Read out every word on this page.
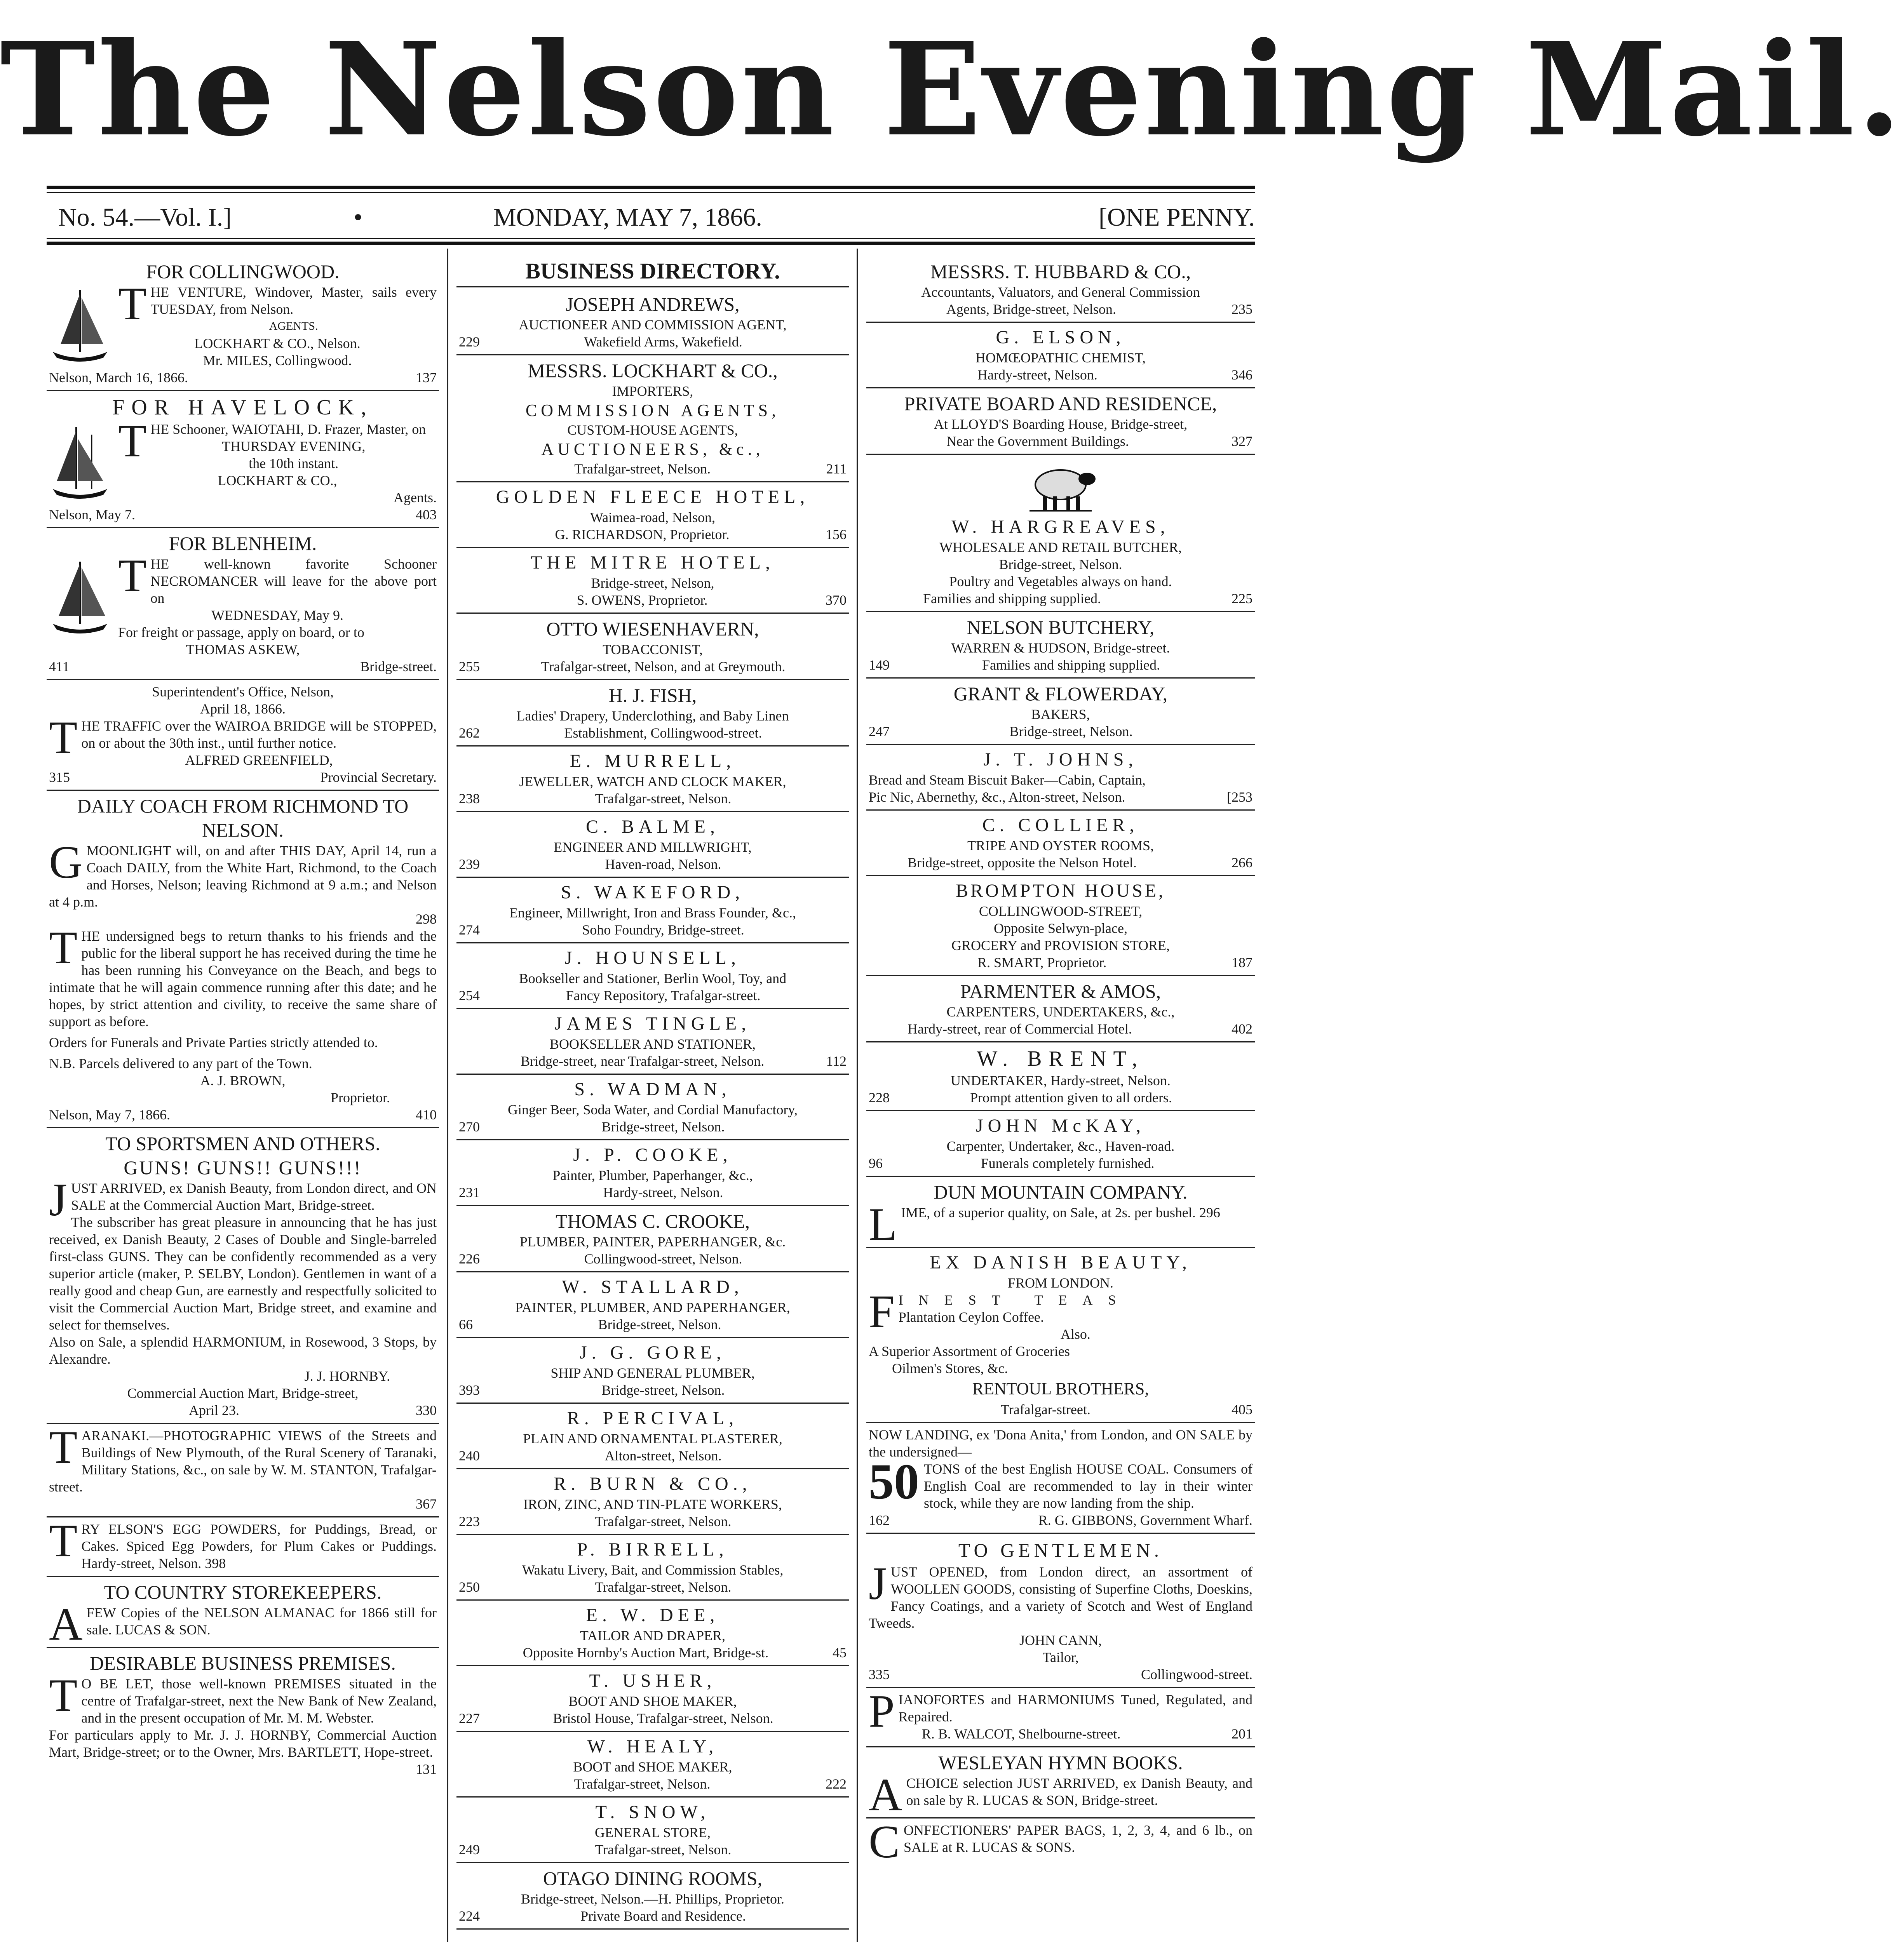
The Nelson Evening Mail.
No. 54.—Vol. I.]	•	MONDAY, MAY 7, 1866.	[ONE PENNY.
FOR COLLINGWOOD.

THE VENTURE, Windover, Master, sails every TUESDAY, from Nelson.

AGENTS.

LOCKHART & CO., Nelson.

Mr. MILES, Collingwood.

Nelson, March 16, 1866.	137
FOR HAVELOCK,

THE Schooner, WAIOTAHI, D. Frazer, Master, on

THURSDAY EVENING,

the 10th instant.

LOCKHART & CO.,

Agents.

Nelson, May 7.	403
FOR BLENHEIM.

THE well-known favorite Schooner NECROMANCER will leave for the above port on

WEDNESDAY, May 9.

For freight or passage, apply on board, or to

THOMAS ASKEW,

411	Bridge-street.

Superintendent's Office, Nelson,

April 18, 1866.

THE TRAFFIC over the WAIROA BRIDGE will be STOPPED, on or about the 30th inst., until further notice.

ALFRED GREENFIELD,

315	Provincial Secretary.
DAILY COACH FROM RICHMOND TO NELSON.

GMOONLIGHT will, on and after THIS DAY, April 14, run a Coach DAILY, from the White Hart, Richmond, to the Coach and Horses, Nelson; leaving Richmond at 9 a.m.; and Nelson at 4 p.m.

298

THE undersigned begs to return thanks to his friends and the public for the liberal support he has received during the time he has been running his Conveyance on the Beach, and begs to intimate that he will again commence running after this date; and he hopes, by strict attention and civility, to receive the same share of support as before.

Orders for Funerals and Private Parties strictly attended to.

N.B. Parcels delivered to any part of the Town.

A. J. BROWN,

Proprietor.

Nelson, May 7, 1866.	410
TO SPORTSMEN AND OTHERS.
GUNS! GUNS!! GUNS!!!

JUST ARRIVED, ex Danish Beauty, from London direct, and ON SALE at the Commercial Auction Mart, Bridge-street.

The subscriber has great pleasure in announcing that he has just received, ex Danish Beauty, 2 Cases of Double and Single-barreled first-class GUNS. They can be confidently recommended as a very superior article (maker, P. SELBY, London). Gentlemen in want of a really good and cheap Gun, are earnestly and respectfully solicited to visit the Commercial Auction Mart, Bridge street, and examine and select for themselves.

Also on Sale, a splendid HARMONIUM, in Rosewood, 3 Stops, by Alexandre.

J. J. HORNBY.

Commercial Auction Mart, Bridge-street,

April 23.	330

TARANAKI.—PHOTOGRAPHIC VIEWS of the Streets and Buildings of New Plymouth, of the Rural Scenery of Taranaki, Military Stations, &c., on sale by W. M. STANTON, Trafalgar-street.

367

TRY ELSON'S EGG POWDERS, for Puddings, Bread, or Cakes. Spiced Egg Powders, for Plum Cakes or Puddings. Hardy-street, Nelson. 398

TO COUNTRY STOREKEEPERS.

AFEW Copies of the NELSON ALMANAC for 1866 still for sale. LUCAS & SON.

DESIRABLE BUSINESS PREMISES.

T O BE LET, those well-known PREMISES situated in the centre of Trafalgar-street, next the New Bank of New Zealand, and in the present occupation of Mr. M. M. Webster.

For particulars apply to Mr. J. J. HORNBY, Commercial Auction Mart, Bridge-street; or to the Owner, Mrs. BARTLETT, Hope-street.

131

BUSINESS DIRECTORY.
JOSEPH ANDREWS,
AUCTIONEER AND COMMISSION AGENT,
229	Wakefield Arms, Wakefield.
MESSRS. LOCKHART & CO.,
IMPORTERS,
COMMISSION AGENTS,
CUSTOM-HOUSE AGENTS,
AUCTIONEERS, &c.,
Trafalgar-street, Nelson.	211
GOLDEN FLEECE HOTEL,
Waimea-road, Nelson,
G. RICHARDSON, Proprietor.	156
THE MITRE HOTEL,
Bridge-street, Nelson,
S. OWENS, Proprietor.	370
OTTO WIESENHAVERN,
TOBACCONIST,
255	Trafalgar-street, Nelson, and at Greymouth.
H. J. FISH,
Ladies' Drapery, Underclothing, and Baby Linen
262	Establishment, Collingwood-street.
E. MURRELL,
JEWELLER, WATCH AND CLOCK MAKER,
238	Trafalgar-street, Nelson.
C. BALME,
ENGINEER AND MILLWRIGHT,
239	Haven-road, Nelson.
S. WAKEFORD,
Engineer, Millwright, Iron and Brass Founder, &c.,
274	Soho Foundry, Bridge-street.
J. HOUNSELL,
Bookseller and Stationer, Berlin Wool, Toy, and
254	Fancy Repository, Trafalgar-street.
JAMES TINGLE,
BOOKSELLER AND STATIONER,
Bridge-street, near Trafalgar-street, Nelson.	112
S. WADMAN,
Ginger Beer, Soda Water, and Cordial Manufactory,
270	Bridge-street, Nelson.
J. P. COOKE,
Painter, Plumber, Paperhanger, &c.,
231	Hardy-street, Nelson.
THOMAS C. CROOKE,
PLUMBER, PAINTER, PAPERHANGER, &c.
226	Collingwood-street, Nelson.
W. STALLARD,
PAINTER, PLUMBER, AND PAPERHANGER,
66	Bridge-street, Nelson.
J. G. GORE,
SHIP AND GENERAL PLUMBER,
393	Bridge-street, Nelson.
R. PERCIVAL,
PLAIN AND ORNAMENTAL PLASTERER,
240	Alton-street, Nelson.
R. BURN & CO.,
IRON, ZINC, AND TIN-PLATE WORKERS,
223	Trafalgar-street, Nelson.
P. BIRRELL,
Wakatu Livery, Bait, and Commission Stables,
250	Trafalgar-street, Nelson.
E. W. DEE,
TAILOR AND DRAPER,
Opposite Hornby's Auction Mart, Bridge-st.	45
T. USHER,
BOOT AND SHOE MAKER,
227	Bristol House, Trafalgar-street, Nelson.
W. HEALY,
BOOT and SHOE MAKER,
Trafalgar-street, Nelson.	222
T. SNOW,
GENERAL STORE,
249	Trafalgar-street, Nelson.
OTAGO DINING ROOMS,
Bridge-street, Nelson.—H. Phillips, Proprietor.
224	Private Board and Residence.
MESSRS. T. HUBBARD & CO.,

Accountants, Valuators, and General Commission

Agents, Bridge-street, Nelson.	235
G. ELSON,

HOMŒOPATHIC CHEMIST,

Hardy-street, Nelson.	346
PRIVATE BOARD AND RESIDENCE,

At LLOYD'S Boarding House, Bridge-street,

Near the Government Buildings.	327
W. HARGREAVES,

WHOLESALE AND RETAIL BUTCHER,

Bridge-street, Nelson.

Poultry and Vegetables always on hand.

Families and shipping supplied.	225
NELSON BUTCHERY,

WARREN & HUDSON, Bridge-street.

149	Families and shipping supplied.
GRANT & FLOWERDAY,

BAKERS,

247	Bridge-street, Nelson.
J. T. JOHNS,

Bread and Steam Biscuit Baker—Cabin, Captain,

Pic Nic, Abernethy, &c., Alton-street, Nelson.	[253
C. COLLIER,

TRIPE AND OYSTER ROOMS,

Bridge-street, opposite the Nelson Hotel.	266
BROMPTON HOUSE,

COLLINGWOOD-STREET,

Opposite Selwyn-place,

GROCERY and PROVISION STORE,

R. SMART, Proprietor.	187
PARMENTER & AMOS,

CARPENTERS, UNDERTAKERS, &c.,

Hardy-street, rear of Commercial Hotel.	402
W. BRENT,

UNDERTAKER, Hardy-street, Nelson.

228	Prompt attention given to all orders.
JOHN McKAY,

Carpenter, Undertaker, &c., Haven-road.

96	Funerals completely furnished.
DUN MOUNTAIN COMPANY.

LIME, of a superior quality, on Sale, at 2s. per bushel. 296

EX DANISH BEAUTY,

FROM LONDON.

FINEST TEAS

Plantation Ceylon Coffee.

Also.

A Superior Assortment of Groceries

Oilmen's Stores, &c.

RENTOUL BROTHERS,
Trafalgar-street.	405

NOW LANDING, ex 'Dona Anita,' from London, and ON SALE by the undersigned—

50 TONS of the best English HOUSE COAL. Consumers of English Coal are recommended to lay in their winter stock, while they are now landing from the ship.

162	R. G. GIBBONS, Government Wharf.
TO GENTLEMEN.

JUST OPENED, from London direct, an assortment of WOOLLEN GOODS, consisting of Superfine Cloths, Doeskins, Fancy Coatings, and a variety of Scotch and West of England Tweeds.

JOHN CANN,

Tailor,

335	Collingwood-street.

PIANOFORTES and HARMONIUMS Tuned, Regulated, and Repaired.

R. B. WALCOT, Shelbourne-street.	201
WESLEYAN HYMN BOOKS.

ACHOICE selection JUST ARRIVED, ex Danish Beauty, and on sale by R. LUCAS & SON, Bridge-street.

CONFECTIONERS' PAPER BAGS, 1, 2, 3, 4, and 6 lb., on SALE at R. LUCAS & SONS.
